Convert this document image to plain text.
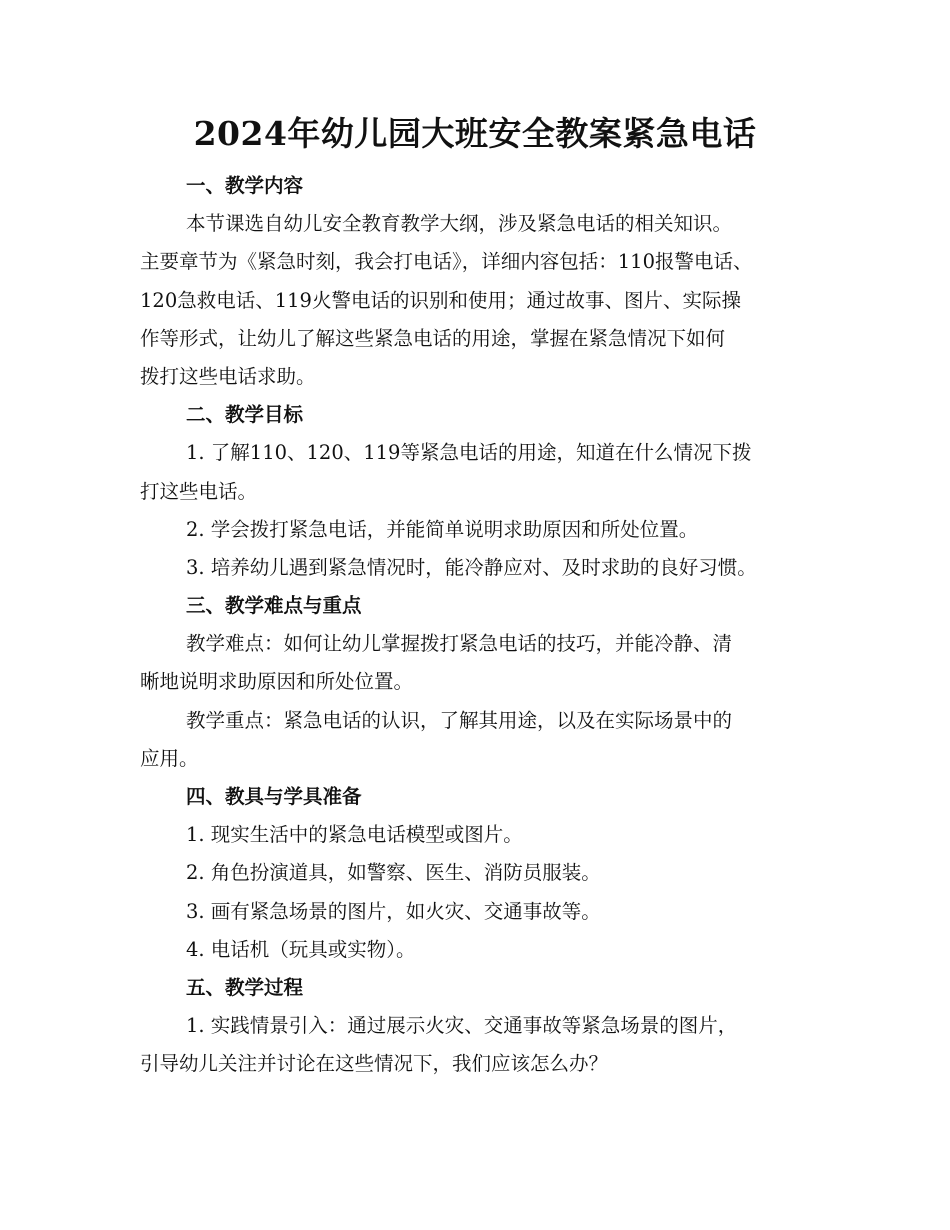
2024年幼儿园大班安全教案紧急电话
一、教学内容
本节课选自幼儿安全教育教学大纲，涉及紧急电话的相关知识。
主要章节为《紧急时刻，我会打电话》，详细内容包括：110报警电话、
120急救电话、119火警电话的识别和使用；通过故事、图片、实际操
作等形式，让幼儿了解这些紧急电话的用途，掌握在紧急情况下如何
拨打这些电话求助。
二、教学目标
1. 了解110、120、119等紧急电话的用途，知道在什么情况下拨
打这些电话。
2. 学会拨打紧急电话，并能简单说明求助原因和所处位置。
3. 培养幼儿遇到紧急情况时，能冷静应对、及时求助的良好习惯。
三、教学难点与重点
教学难点：如何让幼儿掌握拨打紧急电话的技巧，并能冷静、清
晰地说明求助原因和所处位置。
教学重点：紧急电话的认识，了解其用途，以及在实际场景中的
应用。
四、教具与学具准备
1. 现实生活中的紧急电话模型或图片。
2. 角色扮演道具，如警察、医生、消防员服装。
3. 画有紧急场景的图片，如火灾、交通事故等。
4. 电话机（玩具或实物）。
五、教学过程
1. 实践情景引入：通过展示火灾、交通事故等紧急场景的图片，
引导幼儿关注并讨论在这些情况下，我们应该怎么办？
